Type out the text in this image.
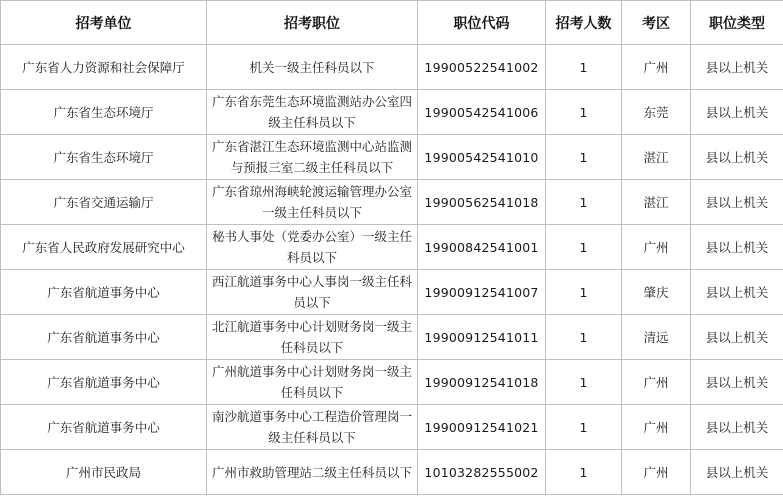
招考单位	招考职位	职位代码	招考人数	考区	职位类型
广东省人力资源和社会保障厅	机关一级主任科员以下	19900522541002	1	广州	县以上机关
广东省生态环境厅	广东省东莞生态环境监测站办公室四级主任科员以下	19900542541006	1	东莞	县以上机关
广东省生态环境厅	广东省湛江生态环境监测中心站监测与预报三室二级主任科员以下	19900542541010	1	湛江	县以上机关
广东省交通运输厅	广东省琼州海峡轮渡运输管理办公室一级主任科员以下	19900562541018	1	湛江	县以上机关
广东省人民政府发展研究中心	秘书人事处（党委办公室）一级主任科员以下	19900842541001	1	广州	县以上机关
广东省航道事务中心	西江航道事务中心人事岗一级主任科员以下	19900912541007	1	肇庆	县以上机关
广东省航道事务中心	北江航道事务中心计划财务岗一级主任科员以下	19900912541011	1	清远	县以上机关
广东省航道事务中心	广州航道事务中心计划财务岗一级主任科员以下	19900912541018	1	广州	县以上机关
广东省航道事务中心	南沙航道事务中心工程造价管理岗一级主任科员以下	19900912541021	1	广州	县以上机关
广州市民政局	广州市救助管理站二级主任科员以下	10103282555002	1	广州	县以上机关
